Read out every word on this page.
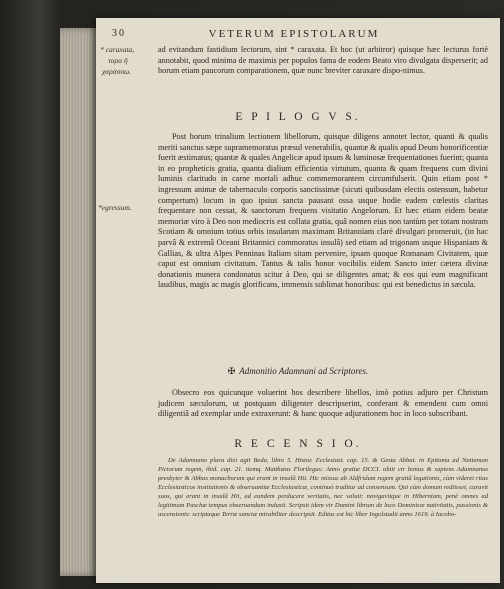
30	VETERUM EPISTOLARUM
* caraxata,
ταρα ἢ
χαράσσω.
ad evitandum fastidium lectorum, sint * caraxata. Et hoc (ut arbitror) quisque hæc lecturus fortè annotabit, quod minima de maximis per populos fama de eodem Beato viro divulgata disperserit; ad horum etiam paucorum comparationem, quæ nunc breviter caraxare dispo-nimus.
E P I L O G V S.
*egressum.
Post horum trinalium lectionem libellorum, quisque diligens annotet lector, quanti & qualis meriti sanctus sæpe supramemoratus præsul venerabilis, quantæ & qualis apud Deum honorificentiæ fuerit æstimatus; quantæ & quales Angelicæ apud ipsum & luminosæ frequentationes fuerint; quanta in eo propheticis gratia, quanta dialium efficientia virtutum, quanta & quam frequens cum divini luminis claritudo in carne mortali adhuc commemorantem circumfulserit. Quin etiam post * ingressum animæ de tabernaculo corporis sanctissimæ (sicuti quibusdam electis ostensum, habetur compertum) locum in quo ipsius sancta pausant ossa usque hodie eadem cœlestis claritas frequentare non cessat, & sanctorum frequens visitatio Angelorum. Et hæc etiam eidem beatæ memoriæ viro à Deo non mediocris est collata gratia, quâ nomen eius non tantùm per totam nostram Scotiam & omnium totius orbis insularum maximam Britanniam clarè divulgari promeruit, (in hac parvâ & extremâ Oceani Britannici commoratus insulâ) sed etiam ad trigonam usque Hispaniam & Gallias, & ultra Alpes Penninas Italiam sitam pervenire, ipsam quoque Romanam Civitatem, quæ caput est omnium civitatum. Tantus & talis honor vocibilis eidem Sancto inter cætera divinæ donationis munera condonatus scitur à Deo, qui se diligentes amat; & eos qui eum magnificant laudibus, magis ac magis glorificans, immensis sublimat honoribus: qui est benedictus in sæcula.
✠ Admonitio Adamnani ad Scriptores.
Obsecro eos quicunque voluerint hos describere libellos, imò potius adjuro per Christum judicem sæculorum, ut postquam diligenter descripserint, conferant & emendent cum omni diligentiâ ad exemplar unde extraxerunt: & hanc quoque adjurationem hoc in loco subscribant.
R E C E N S I O.
De Adamnano plura dixi agit Beda, libro 5. Histor. Ecclesiast. cap. 15. & Gesta Abbat. in Epitoma ad Nattanum Pictorum regem, ibid. cap. 21. itemq. Matthæus Florilegus: Anno gratiæ DCCI. obiit vir bonus & sapiens Adamnanus presbyter & Abbas monachorum qui erant in insulâ Hii. Hic missus ab Aldfridum regem gratiâ legationis, cùm videret ritus Ecclesiasticos institutionis & obseruantiæ Ecclesiasticæ, continuò traditur ad consensum. Qui cùm domum rediisset, curavit suos, qui erant in insulâ Hii, ad eandem perducere veritatis, nec valuit: navigavitque in Hiberniam, penè omnes ad legitimum Paschæ tempus obseruandum induxit. Scripsit idem vir Domini librum de loco Dominicæ nativitatis, passionis & ascensionis: scriptaque Terræ sanctæ mirabiliter descripsit. Editus est hic liber Ingolstadii anno 1619. à Iacobo-
